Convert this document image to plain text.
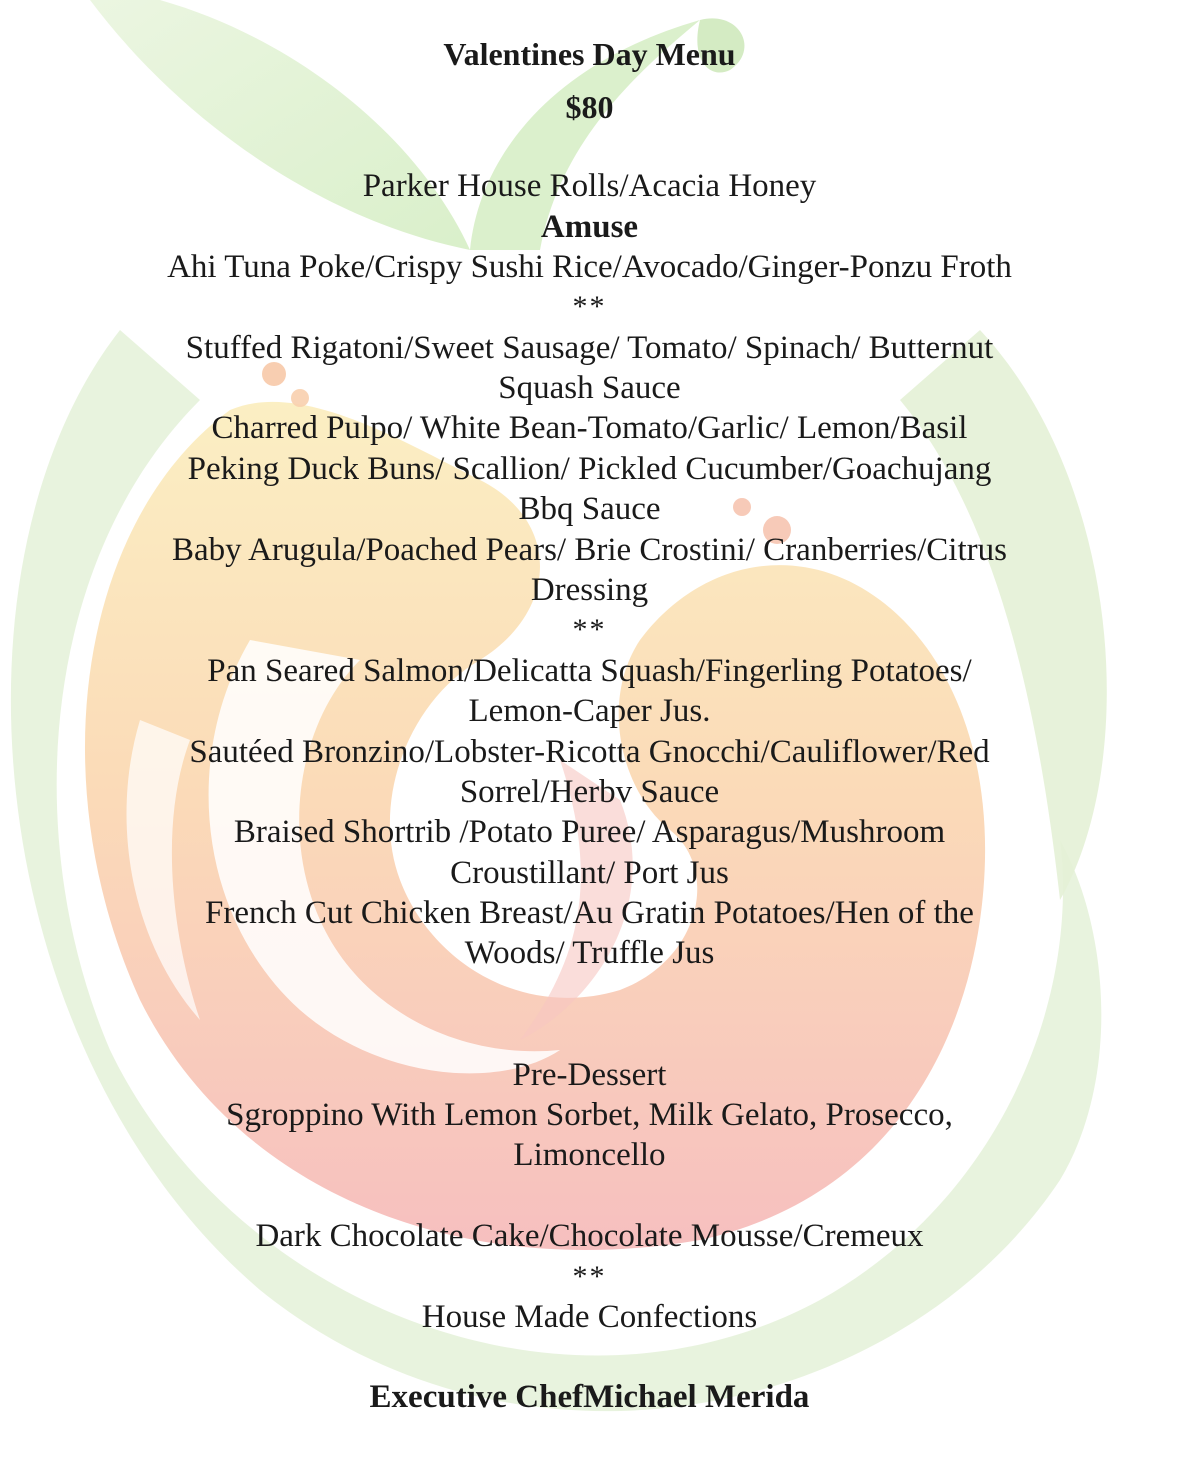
Valentines Day Menu
$80
Parker House Rolls/Acacia Honey
Amuse
Ahi Tuna Poke/Crispy Sushi Rice/Avocado/Ginger-Ponzu Froth
**
Stuffed Rigatoni/Sweet Sausage/ Tomato/ Spinach/ Butternut
Squash Sauce
Charred Pulpo/ White Bean-Tomato/Garlic/ Lemon/Basil
Peking Duck Buns/ Scallion/ Pickled Cucumber/Goachujang
Bbq Sauce
Baby Arugula/Poached Pears/ Brie Crostini/ Cranberries/Citrus
Dressing
**
Pan Seared Salmon/Delicatta Squash/Fingerling Potatoes/
Lemon-Caper Jus.
Sautéed Bronzino/Lobster-Ricotta Gnocchi/Cauliflower/Red
Sorrel/Herbv Sauce
Braised Shortrib /Potato Puree/ Asparagus/Mushroom
Croustillant/ Port Jus
French Cut Chicken Breast/Au Gratin Potatoes/Hen of the
Woods/ Truffle Jus
Pre-Dessert
Sgroppino With Lemon Sorbet, Milk Gelato, Prosecco,
Limoncello
Dark Chocolate Cake/Chocolate Mousse/Cremeux
**
House Made Confections
Executive ChefMichael Merida
